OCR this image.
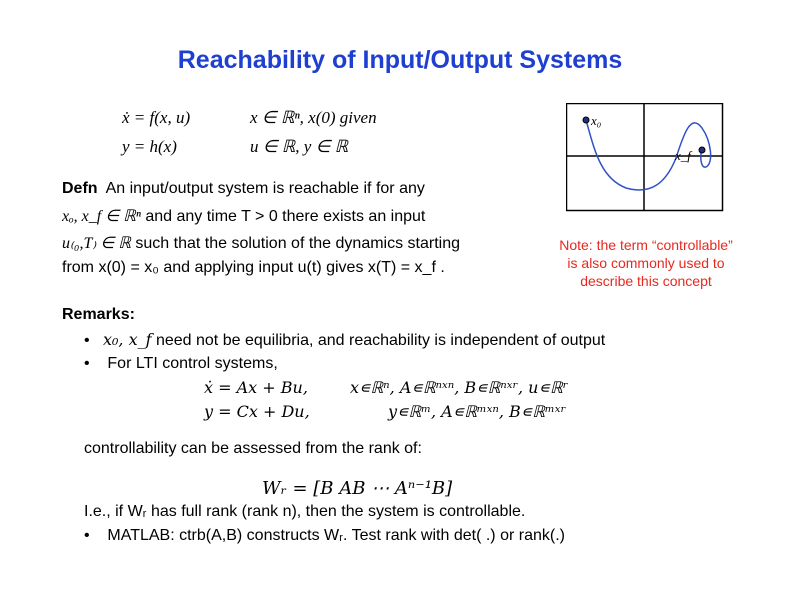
Reachability of Input/Output Systems
ẋ = f(x, u)	x ∈ ℝⁿ, x(0) given
y = h(x)	u ∈ ℝ, y ∈ ℝ
x₀
x_f
Defn An input/output system is reachable if for any
xₒ, x_f ∈ ℝⁿ and any time T > 0 there exists an input
u₍₀,T₎ ∈ ℝ such that the solution of the dynamics starting
from x(0) = x₀ and applying input u(t) gives x(T) = x_f .
Note: the term “controllable”
is also commonly used to
describe this concept
Remarks:
•   x₀, x_f need not be equilibria, and reachability is independent of output
•    For LTI control systems,
ẋ = Ax + Bu,	x∊ℝⁿ, A∊ℝⁿˣⁿ, B∊ℝⁿˣʳ, u∊ℝʳ
y = Cx + Du,	y∊ℝᵐ, A∊ℝᵐˣⁿ, B∊ℝᵐˣʳ
controllability can be assessed from the rank of:
Wᵣ = [B AB ⋯ Aⁿ⁻¹B]
I.e., if Wᵣ has full rank (rank n), then the system is controllable.
•    MATLAB: ctrb(A,B) constructs Wᵣ. Test rank with det( .) or rank(.)
